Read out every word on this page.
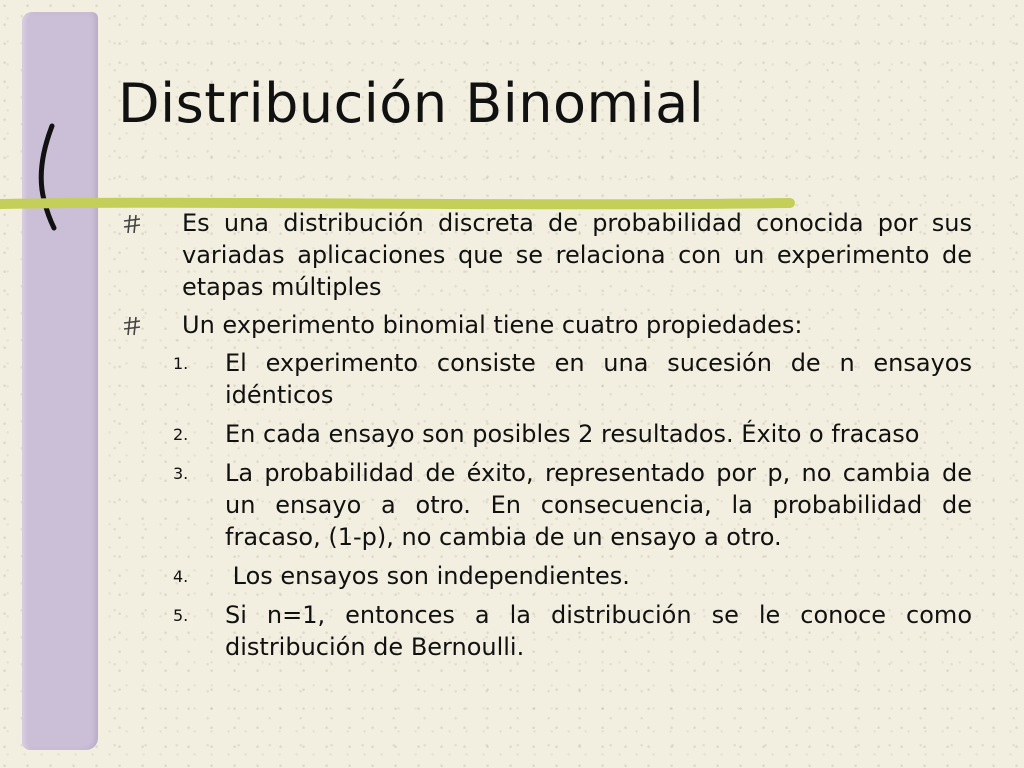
Distribución Binomial
Es una distribución discreta de probabilidad conocida por sus variadas aplicaciones que se relaciona con un experimento de etapas múltiples
Un experimento binomial tiene cuatro propiedades:
1. El experimento consiste en una sucesión de n ensayos idénticos
2. En cada ensayo son posibles 2 resultados. Éxito o fracaso
3. La probabilidad de éxito, representado por p, no cambia de un ensayo a otro. En consecuencia, la probabilidad de fracaso, (1-p), no cambia de un ensayo a otro.
4. Los ensayos son independientes.
5. Si n=1, entonces a la distribución se le conoce como distribución de Bernoulli.
